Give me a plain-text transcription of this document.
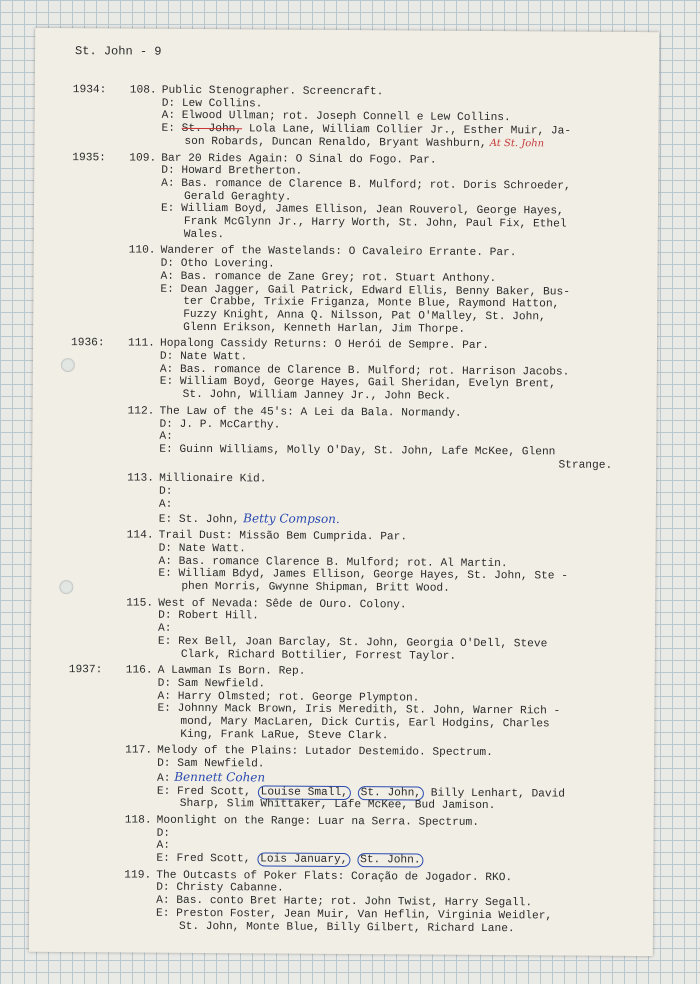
St. John - 9
1934: 108. Public Stenographer. Screencraft.
D: Lew Collins.
A: Elwood Ullman; rot. Joseph Connell e Lew Collins.
E: St. John, Lola Lane, William Collier Jr., Esther Muir, Ja-
son Robards, Duncan Renaldo, Bryant Washburn, At St. John
1935: 109. Bar 20 Rides Again: O Sinal do Fogo. Par.
D: Howard Bretherton.
A: Bas. romance de Clarence B. Mulford; rot. Doris Schroeder,
Gerald Geraghty.
E: William Boyd, James Ellison, Jean Rouverol, George Hayes,
Frank McGlynn Jr., Harry Worth, St. John, Paul Fix, Ethel
Wales.
110. Wanderer of the Wastelands: O Cavaleiro Errante. Par.
D: Otho Lovering.
A: Bas. romance de Zane Grey; rot. Stuart Anthony.
E: Dean Jagger, Gail Patrick, Edward Ellis, Benny Baker, Bus-
ter Crabbe, Trixie Friganza, Monte Blue, Raymond Hatton,
Fuzzy Knight, Anna Q. Nilsson, Pat O'Malley, St. John,
Glenn Erikson, Kenneth Harlan, Jim Thorpe.
1936: 111. Hopalong Cassidy Returns: O Herói de Sempre. Par.
D: Nate Watt.
A: Bas. romance de Clarence B. Mulford; rot. Harrison Jacobs.
E: William Boyd, George Hayes, Gail Sheridan, Evelyn Brent,
St. John, William Janney Jr., John Beck.
112. The Law of the 45's: A Lei da Bala. Normandy.
D: J. P. McCarthy.
A:
E: Guinn Williams, Molly O'Day, St. John, Lafe McKee, Glenn
Strange.
113. Millionaire Kid.
D:
A:
E: St. John, Betty Compson.
114. Trail Dust: Missão Bem Cumprida. Par.
D: Nate Watt.
A: Bas. romance Clarence B. Mulford; rot. Al Martin.
E: William Bdyd, James Ellison, George Hayes, St. John, Ste -
phen Morris, Gwynne Shipman, Britt Wood.
115. West of Nevada: Sêde de Ouro. Colony.
D: Robert Hill.
A:
E: Rex Bell, Joan Barclay, St. John, Georgia O'Dell, Steve
Clark, Richard Bottilier, Forrest Taylor.
1937: 116. A Lawman Is Born. Rep.
D: Sam Newfield.
A: Harry Olmsted; rot. George Plympton.
E: Johnny Mack Brown, Iris Meredith, St. John, Warner Rich -
mond, Mary MacLaren, Dick Curtis, Earl Hodgins, Charles
King, Frank LaRue, Steve Clark.
117. Melody of the Plains: Lutador Destemido. Spectrum.
D: Sam Newfield.
A: Bennett Cohen
E: Fred Scott, Louise Small, St. John, Billy Lenhart, David
Sharp, Slim Whittaker, Lafe McKee, Bud Jamison.
118. Moonlight on the Range: Luar na Serra. Spectrum.
D:
A:
E: Fred Scott, Lois January, St. John.
119. The Outcasts of Poker Flats: Coração de Jogador. RKO.
D: Christy Cabanne.
A: Bas. conto Bret Harte; rot. John Twist, Harry Segall.
E: Preston Foster, Jean Muir, Van Heflin, Virginia Weidler,
St. John, Monte Blue, Billy Gilbert, Richard Lane.
